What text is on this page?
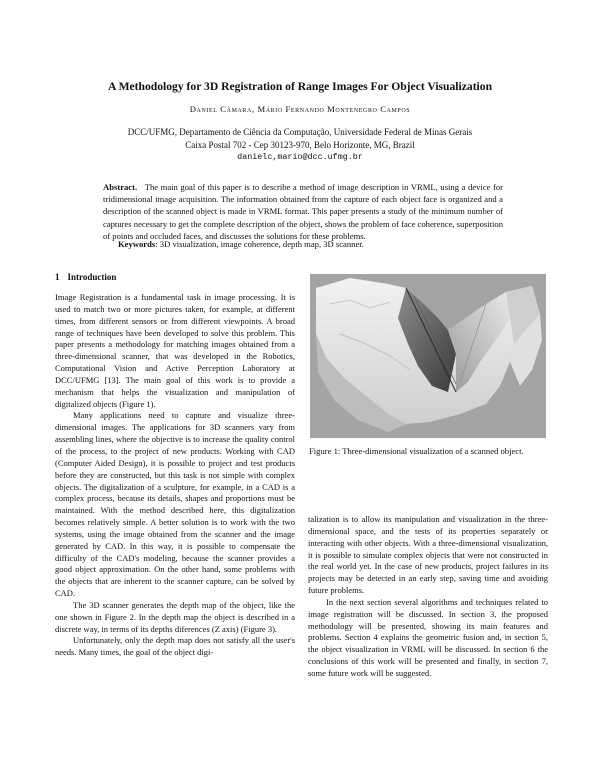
A Methodology for 3D Registration of Range Images For Object Visualization
Daniel Câmara, Mário Fernando Montenegro Campos
DCC/UFMG, Departamento de Ciência da Computação, Universidade Federal de Minas Gerais
Caixa Postal 702 - Cep 30123-970, Belo Horizonte, MG, Brazil
danielc,mario@dcc.ufmg.br
Abstract. The main goal of this paper is to describe a method of image description in VRML, using a device for tridimensional image acquisition. The information obtained from the capture of each object face is organized and a description of the scanned object is made in VRML format. This paper presents a study of the minimum number of captures necessary to get the complete description of the object, shows the problem of face coherence, superposition of points and occluded faces, and discusses the solutions for these problems.
Keywords: 3D visualization, image coherence, depth map, 3D scanner.
1 Introduction

Image Registration is a fundamental task in image processing. It is used to match two or more pictures taken, for example, at different times, from different sensors or from different viewpoints. A broad range of techniques have been developed to solve this problem. This paper presents a methodology for matching images obtained from a three-dimensional scanner, that was developed in the Robotics, Computational Vision and Active Perception Laboratory at DCC/UFMG [13]. The main goal of this work is to provide a mechanism that helps the visualization and manipulation of digitalized objects (Figure 1).

Many applications need to capture and visualize three-dimensional images. The applications for 3D scanners vary from assembling lines, where the objective is to increase the quality control of the process, to the project of new products. Working with CAD (Computer Aided Design), it is possible to project and test products before they are constructed, but this task is not simple with complex objects. The digitalization of a sculpture, for example, in a CAD is a complex process, because its details, shapes and proportions must be maintained. With the method described here, this digitalization becomes relatively simple. A better solution is to work with the two systems, using the image obtained from the scanner and the image generated by CAD. In this way, it is possible to compensate the difficulty of the CAD's modeling, because the scanner provides a good object approximation. On the other hand, some problems with the objects that are inherent to the scanner capture, can be solved by CAD.

The 3D scanner generates the depth map of the object, like the one shown in Figure 2. In the depth map the object is described in a discrete way, in terms of its depths diferences (Z axis) (Figure 3).

Unfortunately, only the depth map does not satisfy all the user's needs. Many times, the goal of the object digi-

Figure 1: Three-dimensional visualization of a scanned object.

talization is to allow its manipulation and visualization in the three-dimensional space, and the tests of its properties separately or interacting with other objects. With a three-dimensional visualization, it is possible to simulate complex objects that were not constructed in the real world yet. In the case of new products, project failures in its projects may be detected in an early step, saving time and avoiding future problems.

In the next section several algorithms and techniques related to image registration will be discussed. In section 3, the proposed methodology will be presented, showing its main features and problems. Section 4 explains the geometric fusion and, in section 5, the object visualization in VRML will be discussed. In section 6 the conclusions of this work will be presented and finally, in section 7, some future work will be suggested.
